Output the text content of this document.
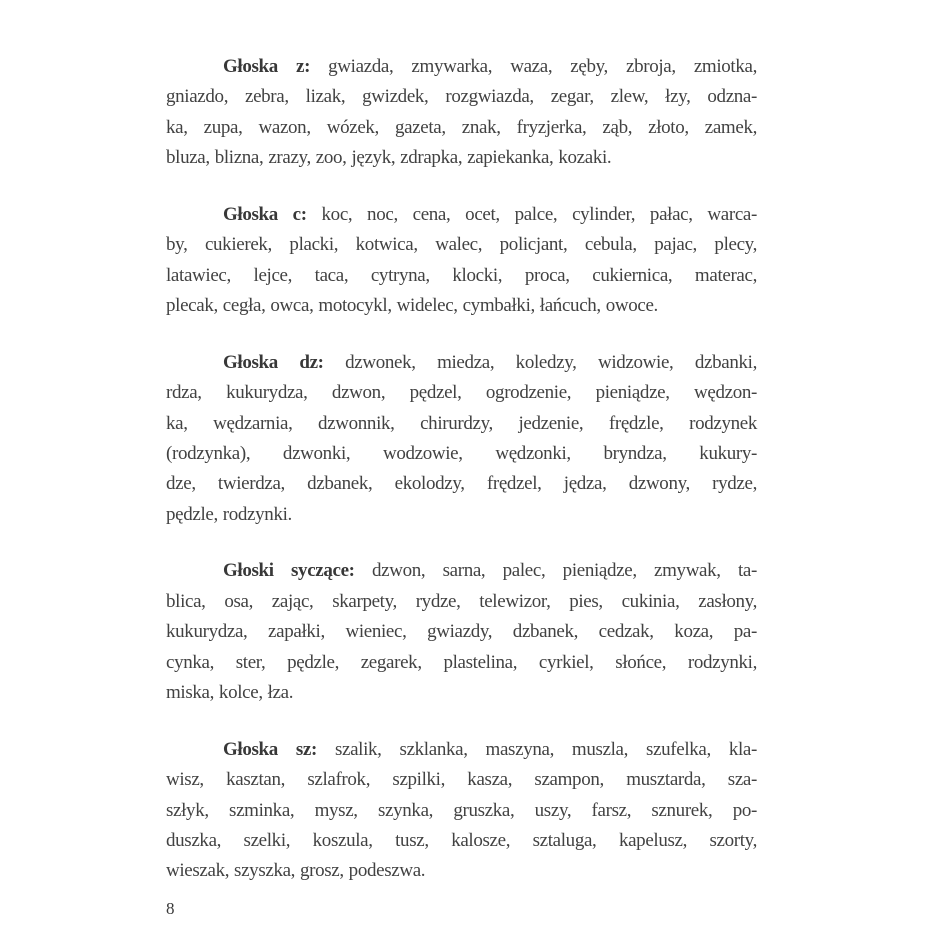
Głoska z: gwiazda, zmywarka, waza, zęby, zbroja, zmiotka,
gniazdo, zebra, lizak, gwizdek, rozgwiazda, zegar, zlew, łzy, odzna-
ka, zupa, wazon, wózek, gazeta, znak, fryzjerka, ząb, złoto, zamek,
bluza, blizna, zrazy, zoo, język, zdrapka, zapiekanka, kozaki.
Głoska c: koc, noc, cena, ocet, palce, cylinder, pałac, warca-
by, cukierek, placki, kotwica, walec, policjant, cebula, pajac, plecy,
latawiec, lejce, taca, cytryna, klocki, proca, cukiernica, materac,
plecak, cegła, owca, motocykl, widelec, cymbałki, łańcuch, owoce.
Głoska dz: dzwonek, miedza, koledzy, widzowie, dzbanki,
rdza, kukurydza, dzwon, pędzel, ogrodzenie, pieniądze, wędzon-
ka, wędzarnia, dzwonnik, chirurdzy, jedzenie, frędzle, rodzynek
(rodzynka), dzwonki, wodzowie, wędzonki, bryndza, kukury-
dze, twierdza, dzbanek, ekolodzy, frędzel, jędza, dzwony, rydze,
pędzle, rodzynki.
Głoski syczące: dzwon, sarna, palec, pieniądze, zmywak, ta-
blica, osa, zając, skarpety, rydze, telewizor, pies, cukinia, zasłony,
kukurydza, zapałki, wieniec, gwiazdy, dzbanek, cedzak, koza, pa-
cynka, ster, pędzle, zegarek, plastelina, cyrkiel, słońce, rodzynki,
miska, kolce, łza.
Głoska sz: szalik, szklanka, maszyna, muszla, szufelka, kla-
wisz, kasztan, szlafrok, szpilki, kasza, szampon, musztarda, sza-
szłyk, szminka, mysz, szynka, gruszka, uszy, farsz, sznurek, po-
duszka, szelki, koszula, tusz, kalosze, sztaluga, kapelusz, szorty,
wieszak, szyszka, grosz, podeszwa.
8
